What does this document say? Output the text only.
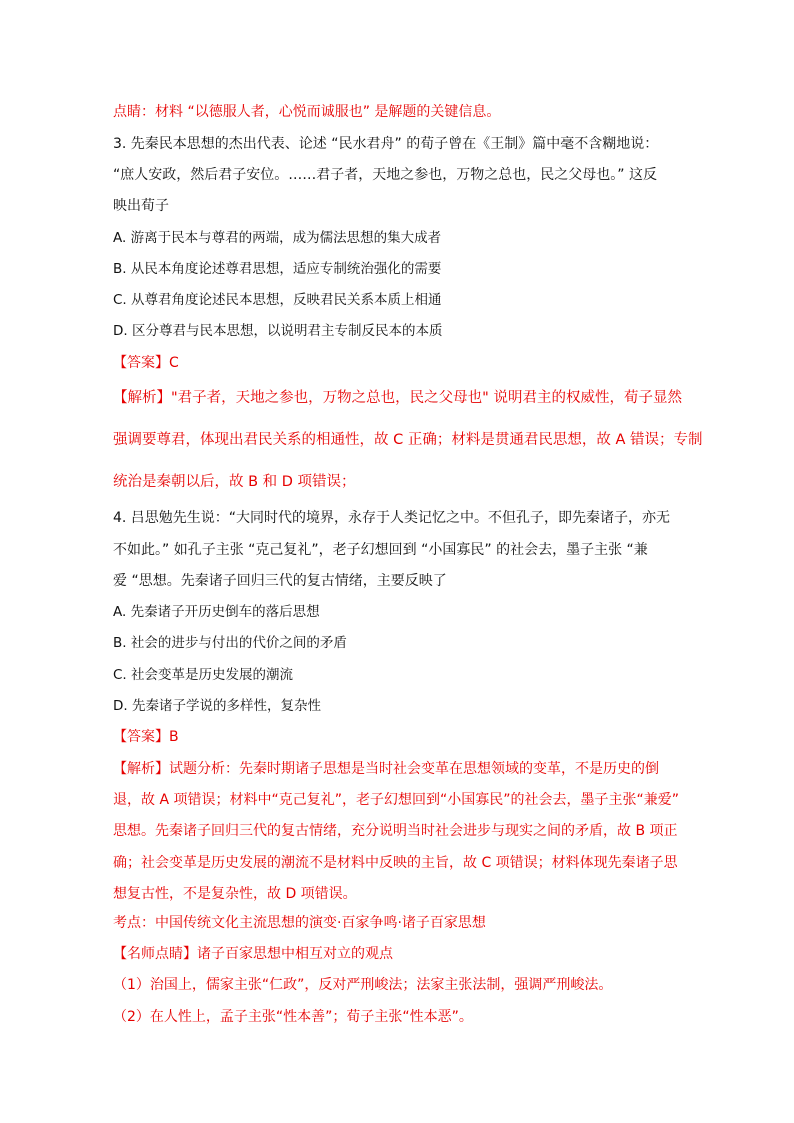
点睛：材料 “以德服人者，心悦而诚服也” 是解题的关键信息。
3. 先秦民本思想的杰出代表、论述 “民水君舟” 的荀子曾在《王制》篇中毫不含糊地说：
“庶人安政，然后君子安位。……君子者，天地之参也，万物之总也，民之父母也。” 这反
映出荀子
A. 游离于民本与尊君的两端，成为儒法思想的集大成者
B. 从民本角度论述尊君思想，适应专制统治强化的需要
C. 从尊君角度论述民本思想，反映君民关系本质上相通
D. 区分尊君与民本思想，以说明君主专制反民本的本质
【答案】C
【解析】"君子者，天地之参也，万物之总也，民之父母也" 说明君主的权威性，荀子显然
强调要尊君，体现出君民关系的相通性，故 C 正确；材料是贯通君民思想，故 A 错误；专制
统治是秦朝以后，故 B 和 D 项错误；
4. 吕思勉先生说：“大同时代的境界，永存于人类记忆之中。不但孔子，即先秦诸子，亦无
不如此。” 如孔子主张 “克己复礼”，老子幻想回到 “小国寡民” 的社会去，墨子主张 “兼
爱 “思想。先秦诸子回归三代的复古情绪，主要反映了
A. 先秦诸子开历史倒车的落后思想
B. 社会的进步与付出的代价之间的矛盾
C. 社会变革是历史发展的潮流
D. 先秦诸子学说的多样性，复杂性
【答案】B
【解析】试题分析：先秦时期诸子思想是当时社会变革在思想领域的变革，不是历史的倒
退，故 A 项错误；材料中“克己复礼”，老子幻想回到“小国寡民”的社会去，墨子主张“兼爱”
思想。先秦诸子回归三代的复古情绪，充分说明当时社会进步与现实之间的矛盾，故 B 项正
确；社会变革是历史发展的潮流不是材料中反映的主旨，故 C 项错误；材料体现先秦诸子思
想复古性，不是复杂性，故 D 项错误。
考点：中国传统文化主流思想的演变·百家争鸣·诸子百家思想
【名师点睛】诸子百家思想中相互对立的观点
（1）治国上，儒家主张“仁政”，反对严刑峻法；法家主张法制，强调严刑峻法。
（2）在人性上，孟子主张“性本善”；荀子主张“性本恶”。
